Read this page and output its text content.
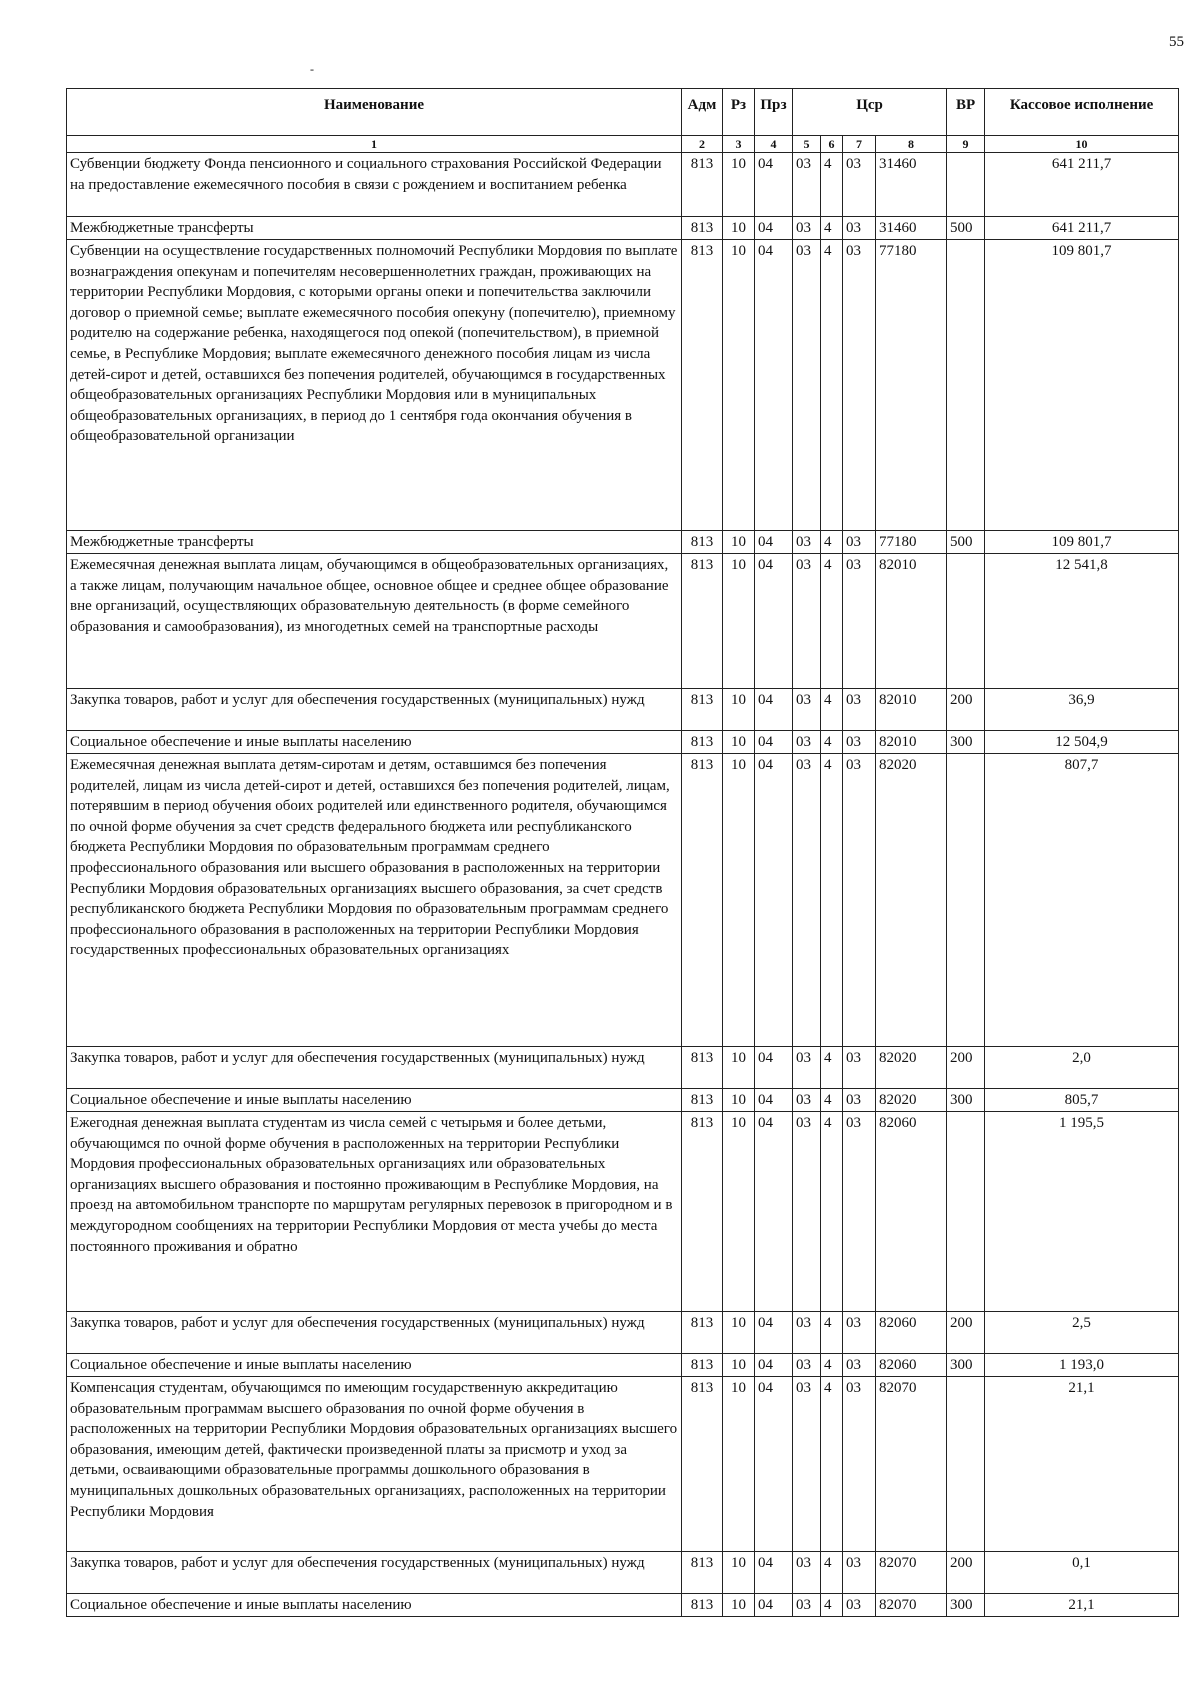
55
-
Наименование	Адм	Рз	Прз	Цср				ВР	Кассовое исполнение
1	2	3	4	5	6	7	8	9	10
Субвенции бюджету Фонда пенсионного и социального страхования Российской Федерации на предоставление ежемесячного пособия в связи с рождением и воспитанием ребенка	813	10	04	03	4	03	31460		641 211,7
Межбюджетные трансферты	813	10	04	03	4	03	31460	500	641 211,7
Субвенции на осуществление государственных полномочий Республики Мордовия по выплате вознаграждения опекунам и попечителям несовершеннолетних граждан, проживающих на территории Республики Мордовия, с которыми органы опеки и попечительства заключили договор о приемной семье; выплате ежемесячного пособия опекуну (попечителю), приемному родителю на содержание ребенка, находящегося под опекой (попечительством), в приемной семье, в Республике Мордовия; выплате ежемесячного денежного пособия лицам из числа детей-сирот и детей, оставшихся без попечения родителей, обучающимся в государственных общеобразовательных организациях Республики Мордовия или в муниципальных общеобразовательных организациях, в период до 1 сентября года окончания обучения в общеобразовательной организации	813	10	04	03	4	03	77180		109 801,7
Межбюджетные трансферты	813	10	04	03	4	03	77180	500	109 801,7
Ежемесячная денежная выплата лицам, обучающимся в общеобразовательных организациях, а также лицам, получающим начальное общее, основное общее и среднее общее образование вне организаций, осуществляющих образовательную деятельность (в форме семейного образования и самообразования), из многодетных семей на транспортные расходы	813	10	04	03	4	03	82010		12 541,8
Закупка товаров, работ и услуг для обеспечения государственных (муниципальных) нужд	813	10	04	03	4	03	82010	200	36,9
Социальное обеспечение и иные выплаты населению	813	10	04	03	4	03	82010	300	12 504,9
Ежемесячная денежная выплата детям-сиротам и детям, оставшимся без попечения родителей, лицам из числа детей-сирот и детей, оставшихся без попечения родителей, лицам, потерявшим в период обучения обоих родителей или единственного родителя, обучающимся по очной форме обучения за счет средств федерального бюджета или республиканского бюджета Республики Мордовия по образовательным программам среднего профессионального образования или высшего образования в расположенных на территории Республики Мордовия образовательных организациях высшего образования, за счет средств республиканского бюджета Республики Мордовия по образовательным программам среднего профессионального образования в расположенных на территории Республики Мордовия государственных профессиональных образовательных организациях	813	10	04	03	4	03	82020		807,7
Закупка товаров, работ и услуг для обеспечения государственных (муниципальных) нужд	813	10	04	03	4	03	82020	200	2,0
Социальное обеспечение и иные выплаты населению	813	10	04	03	4	03	82020	300	805,7
Ежегодная денежная выплата студентам из числа семей с четырьмя и более детьми, обучающимся по очной форме обучения в расположенных на территории Республики Мордовия профессиональных образовательных организациях или образовательных организациях высшего образования и постоянно проживающим в Республике Мордовия, на проезд на автомобильном транспорте по маршрутам регулярных перевозок в пригородном и в междугородном сообщениях на территории Республики Мордовия от места учебы до места постоянного проживания и обратно	813	10	04	03	4	03	82060		1 195,5
Закупка товаров, работ и услуг для обеспечения государственных (муниципальных) нужд	813	10	04	03	4	03	82060	200	2,5
Социальное обеспечение и иные выплаты населению	813	10	04	03	4	03	82060	300	1 193,0
Компенсация студентам, обучающимся по имеющим государственную аккредитацию образовательным программам высшего образования по очной форме обучения в расположенных на территории Республики Мордовия образовательных организациях высшего образования, имеющим детей, фактически произведенной платы за присмотр и уход за детьми, осваивающими образовательные программы дошкольного образования в муниципальных дошкольных образовательных организациях, расположенных на территории Республики Мордовия	813	10	04	03	4	03	82070		21,1
Закупка товаров, работ и услуг для обеспечения государственных (муниципальных) нужд	813	10	04	03	4	03	82070	200	0,1
Социальное обеспечение и иные выплаты населению	813	10	04	03	4	03	82070	300	21,1
